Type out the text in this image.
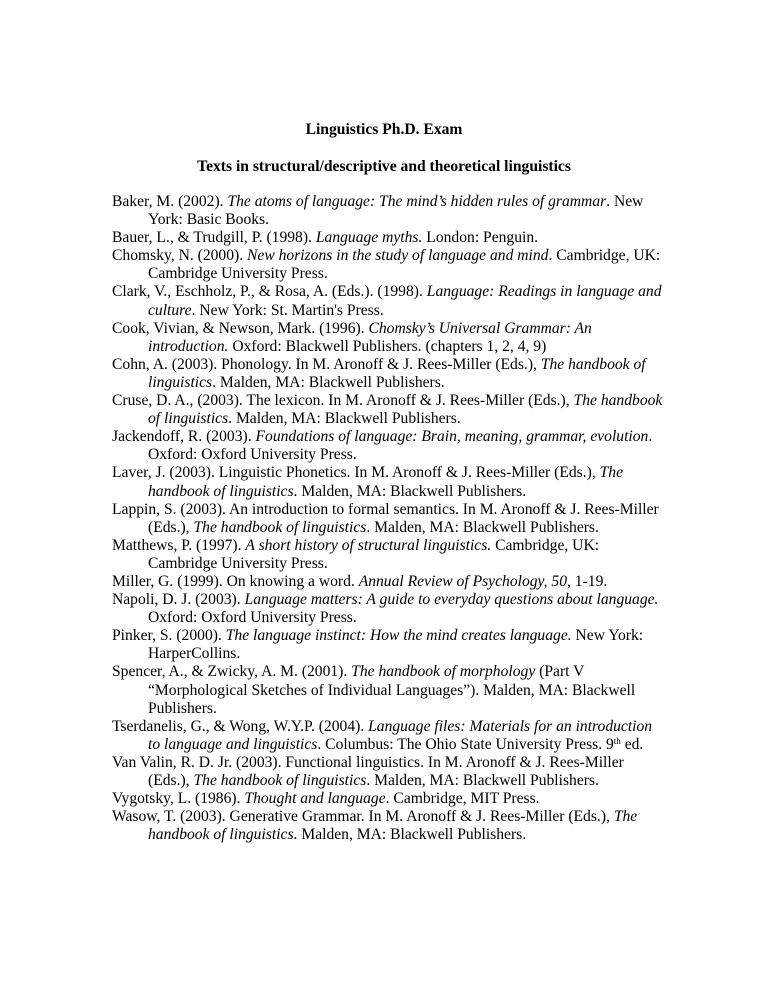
Linguistics Ph.D. Exam
Texts in structural/descriptive and theoretical linguistics

Baker, M. (2002). The atoms of language: The mind’s hidden rules of grammar. New York: Basic Books.

Bauer, L., & Trudgill, P. (1998). Language myths. London: Penguin.

Chomsky, N. (2000). New horizons in the study of language and mind. Cambridge, UK: Cambridge University Press.

Clark, V., Eschholz, P., & Rosa, A. (Eds.). (1998). Language: Readings in language and culture. New York: St. Martin's Press.

Cook, Vivian, & Newson, Mark. (1996). Chomsky’s Universal Grammar: An introduction. Oxford: Blackwell Publishers. (chapters 1, 2, 4, 9)

Cohn, A. (2003). Phonology. In M. Aronoff & J. Rees-Miller (Eds.), The handbook of linguistics. Malden, MA: Blackwell Publishers.

Cruse, D. A., (2003). The lexicon. In M. Aronoff & J. Rees-Miller (Eds.), The handbook of linguistics. Malden, MA: Blackwell Publishers.

Jackendoff, R. (2003). Foundations of language: Brain, meaning, grammar, evolution. Oxford: Oxford University Press.

Laver, J. (2003). Linguistic Phonetics. In M. Aronoff & J. Rees-Miller (Eds.), The handbook of linguistics. Malden, MA: Blackwell Publishers.

Lappin, S. (2003). An introduction to formal semantics. In M. Aronoff & J. Rees-Miller (Eds.), The handbook of linguistics. Malden, MA: Blackwell Publishers.

Matthews, P. (1997). A short history of structural linguistics. Cambridge, UK: Cambridge University Press.

Miller, G. (1999). On knowing a word. Annual Review of Psychology, 50, 1-19.

Napoli, D. J. (2003). Language matters: A guide to everyday questions about language. Oxford: Oxford University Press.

Pinker, S. (2000). The language instinct: How the mind creates language. New York: HarperCollins.

Spencer, A., & Zwicky, A. M. (2001). The handbook of morphology (Part V “Morphological Sketches of Individual Languages”). Malden, MA: Blackwell Publishers.

Tserdanelis, G., & Wong, W.Y.P. (2004). Language files: Materials for an introduction to language and linguistics. Columbus: The Ohio State University Press. 9th ed.

Van Valin, R. D. Jr. (2003). Functional linguistics. In M. Aronoff & J. Rees-Miller (Eds.), The handbook of linguistics. Malden, MA: Blackwell Publishers.

Vygotsky, L. (1986). Thought and language. Cambridge, MIT Press.

Wasow, T. (2003). Generative Grammar. In M. Aronoff & J. Rees-Miller (Eds.), The handbook of linguistics. Malden, MA: Blackwell Publishers.
